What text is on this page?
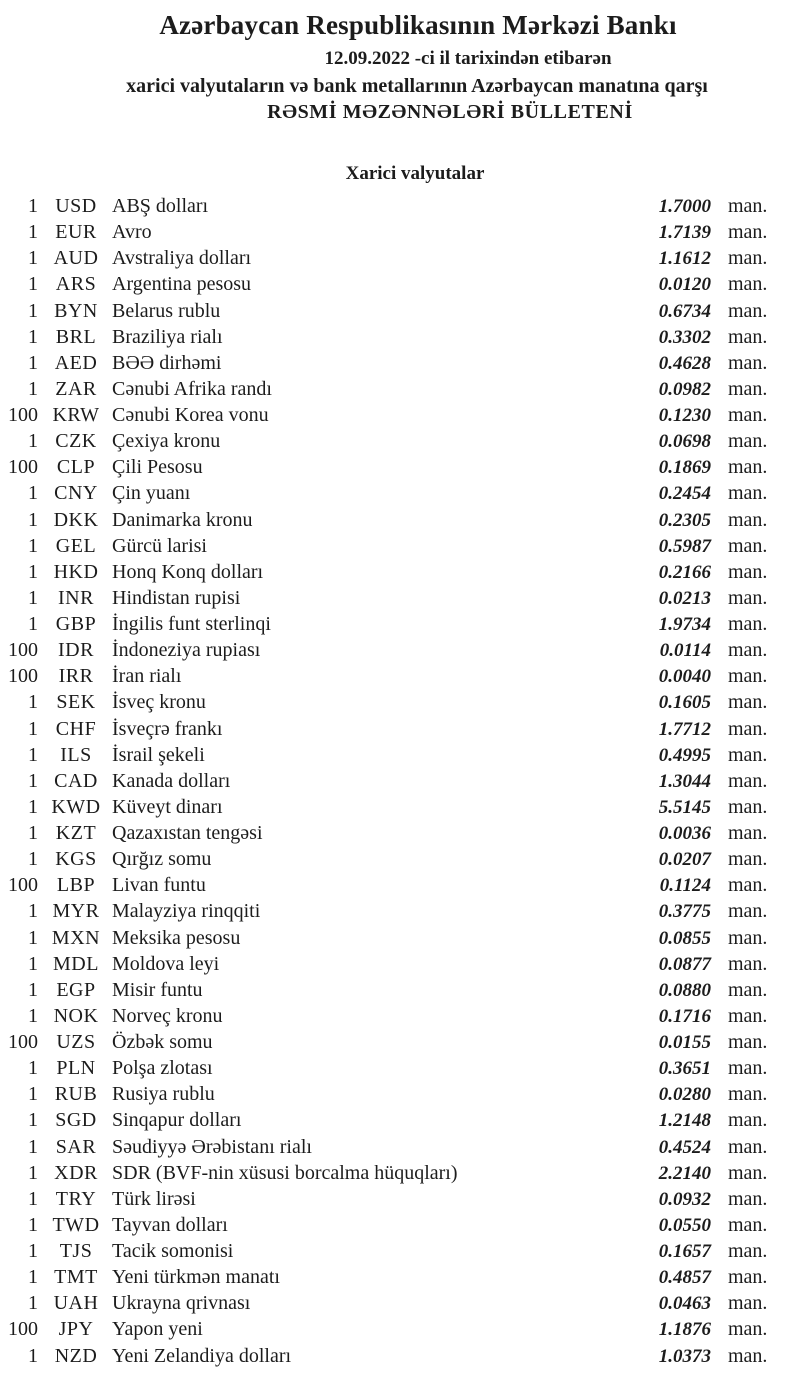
Azərbaycan Respublikasının Mərkəzi Bankı
12.09.2022 -ci il tarixindən etibarən
xarici valyutaların və bank metallarının Azərbaycan manatına qarşı
RƏSMİ MƏZƏNNƏLƏRİ BÜLLETENİ
Xarici valyutalar
1 USD ABŞ dolları	1.7000 man.
1 EUR Avro	1.7139 man.
1 AUD Avstraliya dolları	1.1612 man.
1 ARS Argentina pesosu	0.0120 man.
1 BYN Belarus rublu	0.6734 man.
1 BRL Braziliya rialı	0.3302 man.
1 AED BƏƏ dirhəmi	0.4628 man.
1 ZAR Cənubi Afrika randı	0.0982 man.
100 KRW Cənubi Korea vonu	0.1230 man.
1 CZK Çexiya kronu	0.0698 man.
100 CLP Çili Pesosu	0.1869 man.
1 CNY Çin yuanı	0.2454 man.
1 DKK Danimarka kronu	0.2305 man.
1 GEL Gürcü larisi	0.5987 man.
1 HKD Honq Konq dolları	0.2166 man.
1	INR Hindistan rupisi	0.0213 man.
1 GBP İngilis funt sterlinqi	1.9734 man.
100	IDR İndoneziya rupiası	0.0114 man.
100	IRR İran rialı	0.0040 man.
1 SEK İsveç kronu	0.1605 man.
1 CHF İsveçrə frankı	1.7712 man.
1	ILS	İsrail şekeli	0.4995 man.
1 CAD Kanada dolları	1.3044 man.
1 KWD Küveyt dinarı	5.5145 man.
1 KZT Qazaxıstan tengəsi	0.0036 man.
1 KGS Qırğız somu	0.0207 man.
100 LBP Livan funtu	0.1124 man.
1 MYR Malayziya rinqqiti	0.3775 man.
1 MXN Meksika pesosu	0.0855 man.
1 MDL Moldova leyi	0.0877 man.
1 EGP Misir funtu	0.0880 man.
1 NOK Norveç kronu	0.1716 man.
100 UZS Özbək somu	0.0155 man.
1 PLN Polşa zlotası	0.3651 man.
1 RUB Rusiya rublu	0.0280 man.
1 SGD Sinqapur dolları	1.2148 man.
1 SAR Səudiyyə Ərəbistanı rialı	0.4524 man.
1 XDR SDR (BVF-nin xüsusi borcalma hüquqları)	2.2140 man.
1 TRY Türk lirəsi	0.0932 man.
1 TWD Tayvan dolları	0.0550 man.
1	TJS Tacik somonisi	0.1657 man.
1 TMT Yeni türkmən manatı	0.4857 man.
1 UAH Ukrayna qrivnası	0.0463 man.
100	JPY Yapon yeni	1.1876 man.
1 NZD Yeni Zelandiya dolları	1.0373 man.
